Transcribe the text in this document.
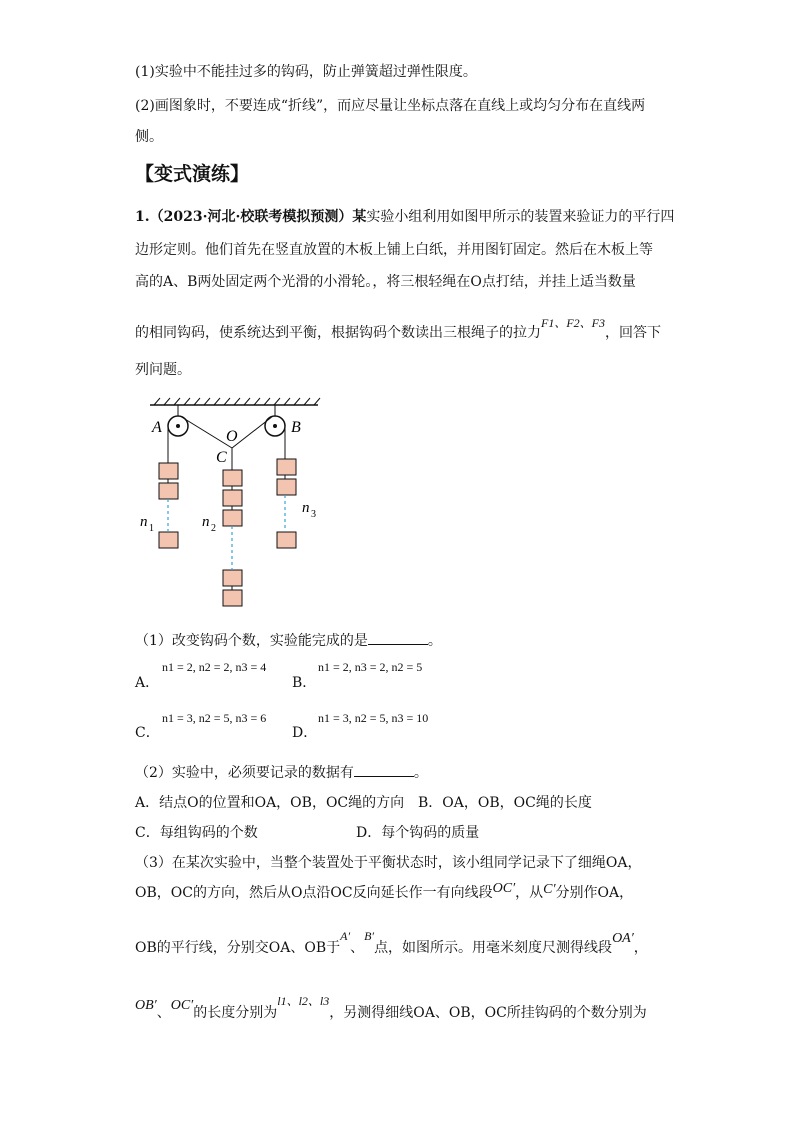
(1)实验中不能挂过多的钩码，防止弹簧超过弹性限度。
(2)画图象时，不要连成“折线”，而应尽量让坐标点落在直线上或均匀分布在直线两
侧。
【变式演练】
1.（2023·河北·校联考模拟预测）某实验小组利用如图甲所示的装置来验证力的平行四
边形定则。他们首先在竖直放置的木板上铺上白纸，并用图钉固定。然后在木板上等
高的A、B两处固定两个光滑的小滑轮。，将三根轻绳在O点打结，并挂上适当数量
的相同钩码，使系统达到平衡，根据钩码个数读出三根绳子的拉力F1、F2、F3，回答下
列问题。
A	B
O
C
n 1	n 2
n 3
（1）改变钩码个数，实验能完成的是	。
A．
n1 = 2, n2 = 2, n3 = 4
B．
n1 = 2, n3 = 2, n2 = 5
C．
n1 = 3, n2 = 5, n3 = 6
D．
n1 = 3, n2 = 5, n3 = 10
（2）实验中，必须要记录的数据有	。
A．结点O的位置和OA，OB，OC绳的方向 B．OA，OB，OC绳的长度
C．每组钩码的个数	D．每个钩码的质量
（3）在某次实验中，当整个装置处于平衡状态时，该小组同学记录下了细绳OA，
OB，OC的方向，然后从O点沿OC反向延长作一有向线段OC′，从C′分别作OA，
OB的平行线，分别交OA、OB于A′、B′点，如图所示。用毫米刻度尺测得线段OA′，
OB′、OC′的长度分别为l1、l2、l3，另测得细线OA、OB，OC所挂钩码的个数分别为
